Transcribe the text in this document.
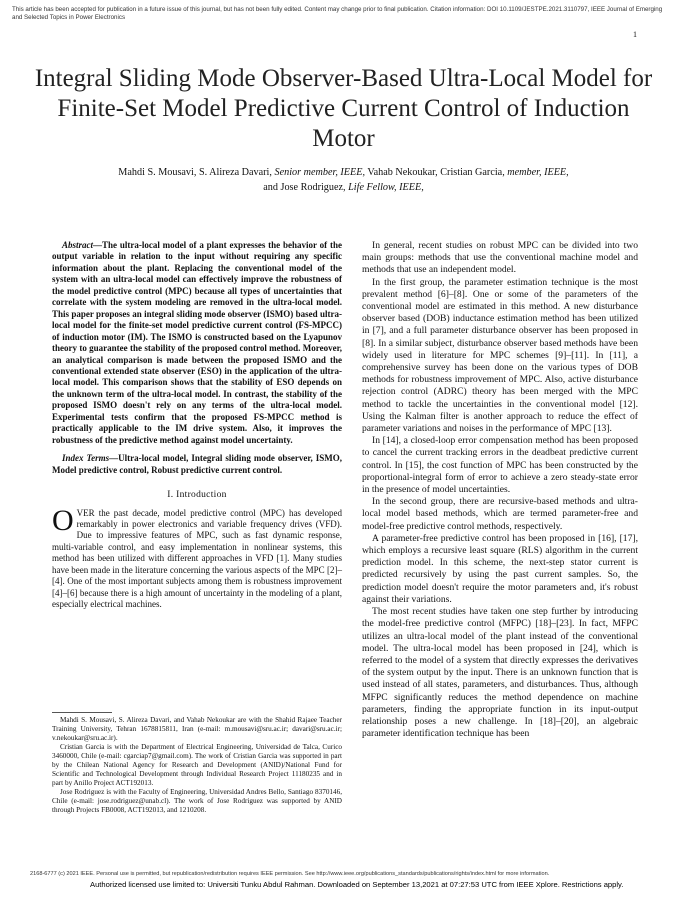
This article has been accepted for publication in a future issue of this journal, but has not been fully edited. Content may change prior to final publication. Citation information: DOI 10.1109/JESTPE.2021.3110797, IEEE Journal of Emerging and Selected Topics in Power Electronics
1
Integral Sliding Mode Observer-Based Ultra-Local Model for Finite-Set Model Predictive Current Control of Induction Motor
Mahdi S. Mousavi, S. Alireza Davari, Senior member, IEEE, Vahab Nekoukar, Cristian Garcia, member, IEEE,
and Jose Rodriguez, Life Fellow, IEEE,

Abstract—The ultra-local model of a plant expresses the behavior of the output variable in relation to the input without requiring any specific information about the plant. Replacing the conventional model of the system with an ultra-local model can effectively improve the robustness of the model predictive control (MPC) because all types of uncertainties that correlate with the system modeling are removed in the ultra-local model. This paper proposes an integral sliding mode observer (ISMO) based ultra-local model for the finite-set model predictive current control (FS-MPCC) of induction motor (IM). The ISMO is constructed based on the Lyapunov theory to guarantee the stability of the proposed control method. Moreover, an analytical comparison is made between the proposed ISMO and the conventional extended state observer (ESO) in the application of the ultra-local model. This comparison shows that the stability of ESO depends on the unknown term of the ultra-local model. In contrast, the stability of the proposed ISMO doesn't rely on any terms of the ultra-local model. Experimental tests confirm that the proposed FS-MPCC method is practically applicable to the IM drive system. Also, it improves the robustness of the predictive method against model uncertainty.

Index Terms—Ultra-local model, Integral sliding mode observer, ISMO, Model predictive control, Robust predictive current control.

I. Introduction

OVER the past decade, model predictive control (MPC) has developed remarkably in power electronics and variable frequency drives (VFD). Due to impressive features of MPC, such as fast dynamic response, multi-variable control, and easy implementation in nonlinear systems, this method has been utilized with different approaches in VFD [1]. Many studies have been made in the literature concerning the various aspects of the MPC [2]–[4]. One of the most important subjects among them is robustness improvement [4]–[6] because there is a high amount of uncertainty in the modeling of a plant, especially electrical machines.

Mahdi S. Mousavi, S. Alireza Davari, and Vahab Nekoukar are with the Shahid Rajaee Teacher Training University, Tehran 1678815811, Iran (e-mail: m.mousavi@sru.ac.ir; davari@sru.ac.ir; v.nekoukar@sru.ac.ir).

Cristian Garcia is with the Department of Electrical Engineering, Universidad de Talca, Curico 3460000, Chile (e-mail: cgarciap7@gmail.com). The work of Cristian Garcia was supported in part by the Chilean National Agency for Research and Development (ANID)/National Fund for Scientific and Technological Development through Individual Research Project 11180235 and in part by Anillo Project ACT192013.

Jose Rodriguez is with the Faculty of Engineering, Universidad Andres Bello, Santiago 8370146, Chile (e-mail: jose.rodriguez@unab.cl). The work of Jose Rodriguez was supported by ANID through Projects FB0008, ACT192013, and 1210208.

In general, recent studies on robust MPC can be divided into two main groups: methods that use the conventional machine model and methods that use an independent model.

In the first group, the parameter estimation technique is the most prevalent method [6]–[8]. One or some of the parameters of the conventional model are estimated in this method. A new disturbance observer based (DOB) inductance estimation method has been utilized in [7], and a full parameter disturbance observer has been proposed in [8]. In a similar subject, disturbance observer based methods have been widely used in literature for MPC schemes [9]–[11]. In [11], a comprehensive survey has been done on the various types of DOB methods for robustness improvement of MPC. Also, active disturbance rejection control (ADRC) theory has been merged with the MPC method to tackle the uncertainties in the conventional model [12]. Using the Kalman filter is another approach to reduce the effect of parameter variations and noises in the performance of MPC [13].

In [14], a closed-loop error compensation method has been proposed to cancel the current tracking errors in the deadbeat predictive current control. In [15], the cost function of MPC has been constructed by the proportional-integral form of error to achieve a zero steady-state error in the presence of model uncertainties.

In the second group, there are recursive-based methods and ultra-local model based methods, which are termed parameter-free and model-free predictive control methods, respectively.

A parameter-free predictive control has been proposed in [16], [17], which employs a recursive least square (RLS) algorithm in the current prediction model. In this scheme, the next-step stator current is predicted recursively by using the past current samples. So, the prediction model doesn't require the motor parameters and, it's robust against their variations.

The most recent studies have taken one step further by introducing the model-free predictive control (MFPC) [18]–[23]. In fact, MFPC utilizes an ultra-local model of the plant instead of the conventional model. The ultra-local model has been proposed in [24], which is referred to the model of a system that directly expresses the derivatives of the system output by the input. There is an unknown function that is used instead of all states, parameters, and disturbances. Thus, although MFPC significantly reduces the method dependence on machine parameters, finding the appropriate function in its input-output relationship poses a new challenge. In [18]–[20], an algebraic parameter identification technique has been

2168-6777 (c) 2021 IEEE. Personal use is permitted, but republication/redistribution requires IEEE permission. See http://www.ieee.org/publications_standards/publications/rights/index.html for more information.
Authorized licensed use limited to: Universiti Tunku Abdul Rahman. Downloaded on September 13,2021 at 07:27:53 UTC from IEEE Xplore. Restrictions apply.
